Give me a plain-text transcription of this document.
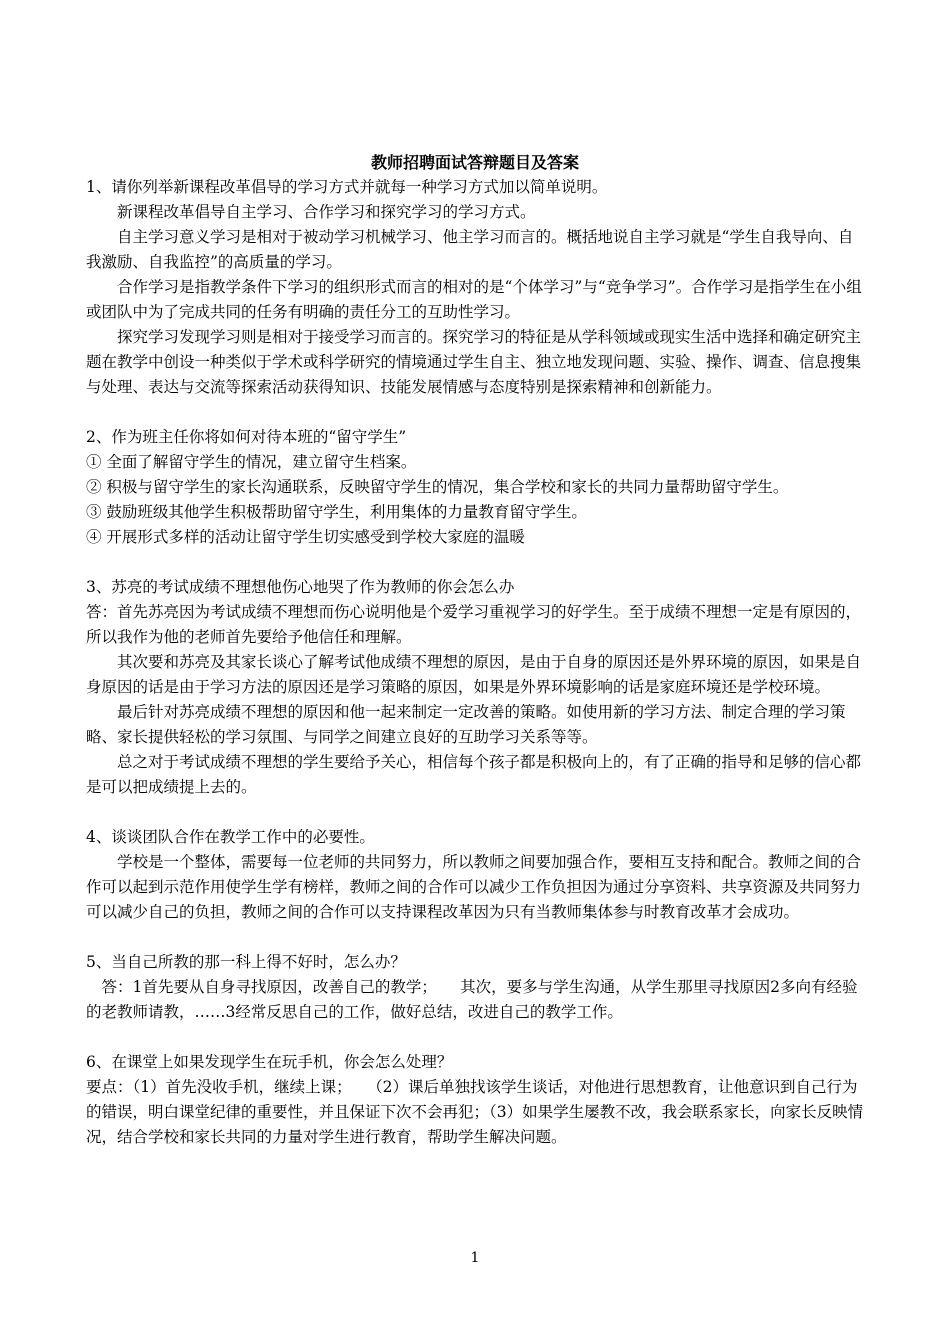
教师招聘面试答辩题目及答案

1、请你列举新课程改革倡导的学习方式并就每一种学习方式加以简单说明。

新课程改革倡导自主学习、合作学习和探究学习的学习方式。

自主学习意义学习是相对于被动学习机械学习、他主学习而言的。概括地说自主学习就是“学生自我导向、自我激励、自我监控”的高质量的学习。

合作学习是指教学条件下学习的组织形式而言的相对的是“个体学习”与“竞争学习”。合作学习是指学生在小组或团队中为了完成共同的任务有明确的责任分工的互助性学习。

探究学习发现学习则是相对于接受学习而言的。探究学习的特征是从学科领域或现实生活中选择和确定研究主题在教学中创设一种类似于学术或科学研究的情境通过学生自主、独立地发现问题、实验、操作、调查、信息搜集与处理、表达与交流等探索活动获得知识、技能发展情感与态度特别是探索精神和创新能力。

2、作为班主任你将如何对待本班的“留守学生”

① 全面了解留守学生的情况，建立留守生档案。

② 积极与留守学生的家长沟通联系，反映留守学生的情况，集合学校和家长的共同力量帮助留守学生。

③ 鼓励班级其他学生积极帮助留守学生，利用集体的力量教育留守学生。

④ 开展形式多样的活动让留守学生切实感受到学校大家庭的温暖

3、苏亮的考试成绩不理想他伤心地哭了作为教师的你会怎么办

答：首先苏亮因为考试成绩不理想而伤心说明他是个爱学习重视学习的好学生。至于成绩不理想一定是有原因的，所以我作为他的老师首先要给予他信任和理解。

其次要和苏亮及其家长谈心了解考试他成绩不理想的原因，是由于自身的原因还是外界环境的原因，如果是自身原因的话是由于学习方法的原因还是学习策略的原因，如果是外界环境影响的话是家庭环境还是学校环境。

最后针对苏亮成绩不理想的原因和他一起来制定一定改善的策略。如使用新的学习方法、制定合理的学习策略、家长提供轻松的学习氛围、与同学之间建立良好的互助学习关系等等。

总之对于考试成绩不理想的学生要给予关心，相信每个孩子都是积极向上的，有了正确的指导和足够的信心都是可以把成绩提上去的。

4、谈谈团队合作在教学工作中的必要性。

学校是一个整体，需要每一位老师的共同努力，所以教师之间要加强合作，要相互支持和配合。教师之间的合作可以起到示范作用使学生学有榜样，教师之间的合作可以减少工作负担因为通过分享资料、共享资源及共同努力可以减少自己的负担，教师之间的合作可以支持课程改革因为只有当教师集体参与时教育改革才会成功。

5、当自己所教的那一科上得不好时，怎么办？

答：1首先要从自身寻找原因，改善自己的教学；　　其次，要多与学生沟通，从学生那里寻找原因2多向有经验的老教师请教，……3经常反思自己的工作，做好总结，改进自己的教学工作。

6、在课堂上如果发现学生在玩手机，你会怎么处理？

要点：（1）首先没收手机，继续上课；　　（2）课后单独找该学生谈话，对他进行思想教育，让他意识到自己行为的错误，明白课堂纪律的重要性，并且保证下次不会再犯；（3）如果学生屡教不改，我会联系家长，向家长反映情况，结合学校和家长共同的力量对学生进行教育，帮助学生解决问题。

1
